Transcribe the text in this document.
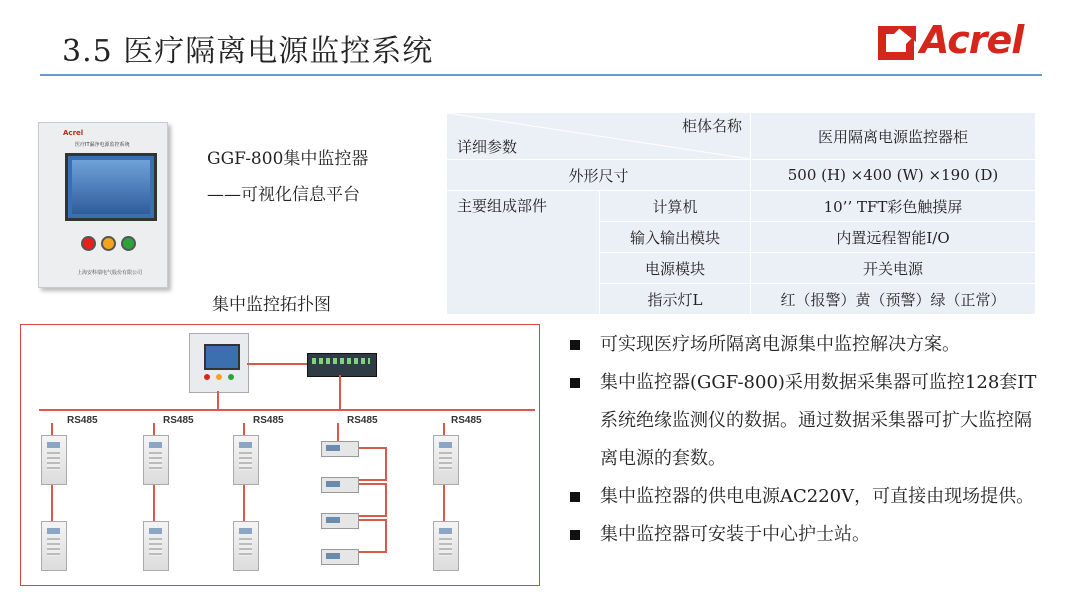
3.5 医疗隔离电源监控系统	Acrel
Acrel
医疗IT漏净电源监控系统
上海安科瑞电气股份有限公司
GGF-800集中监控器
——可视化信息平台
集中监控拓扑图
柜体名称
详细参数		医用隔离电源监控器柜
外形尺寸		500 (H) ×400 (W) ×190 (D)
主要组成部件	计算机	10’’ TFT彩色触摸屏
	输入输出模块	内置远程智能I/O
	电源模块	开关电源
	指示灯L	红（报警）黄（预警）绿（正常）
RS485	RS485	RS485	RS485	RS485
可实现医疗场所隔离电源集中监控解决方案。
集中监控器(GGF-800)采用数据采集器可监控128套IT系统绝缘监测仪的数据。通过数据采集器可扩大监控隔离电源的套数。
集中监控器的供电电源AC220V，可直接由现场提供。
集中监控器可安装于中心护士站。
